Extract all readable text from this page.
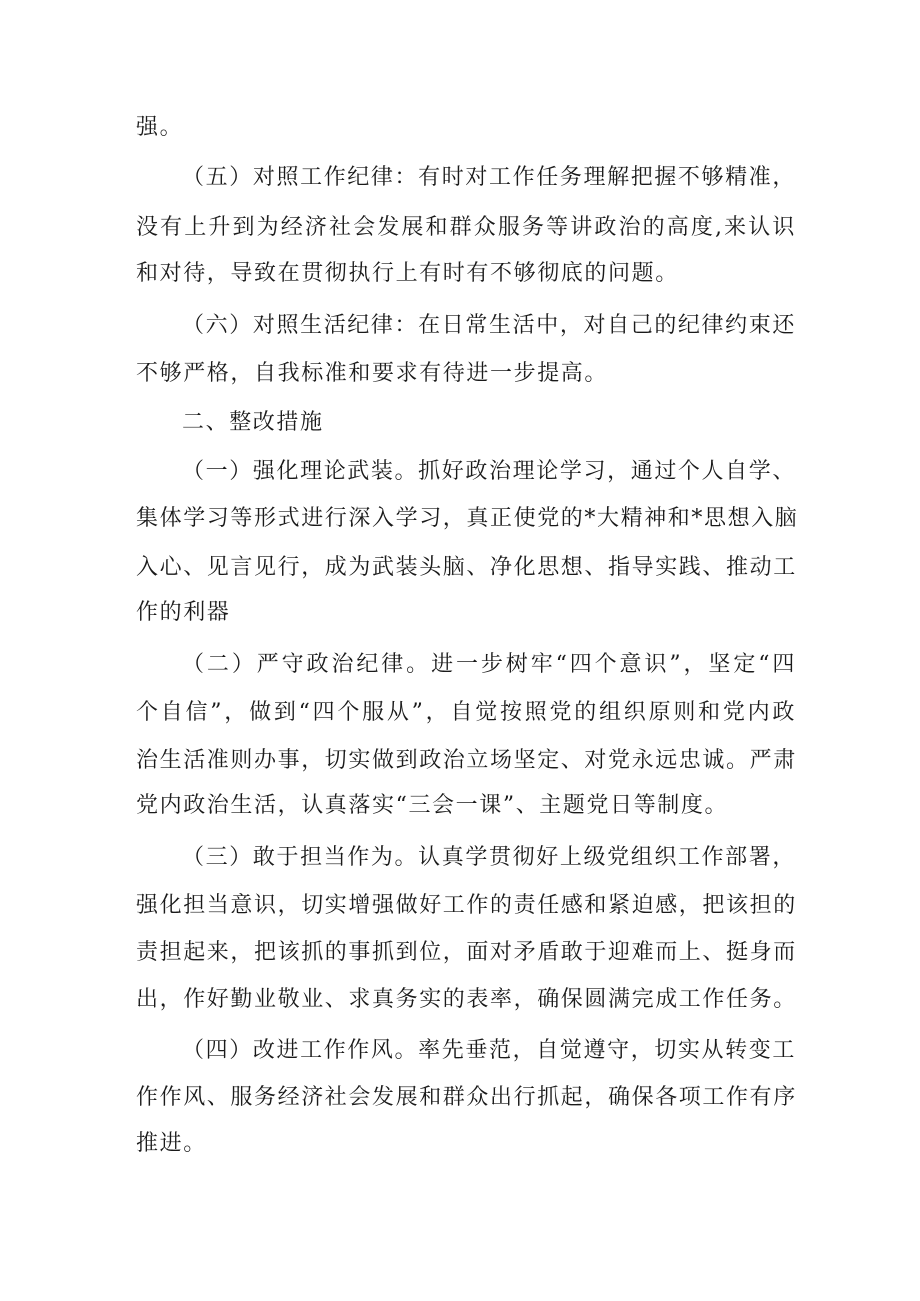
强。
（五）对照工作纪律：有时对工作任务理解把握不够精准，
没有上升到为经济社会发展和群众服务等讲政治的高度,来认识
和对待，导致在贯彻执行上有时有不够彻底的问题。
（六）对照生活纪律：在日常生活中，对自己的纪律约束还
不够严格，自我标准和要求有待进一步提高。
二、整改措施
（一）强化理论武装。抓好政治理论学习，通过个人自学、
集体学习等形式进行深入学习，真正使党的*大精神和*思想入脑
入心、见言见行，成为武装头脑、净化思想、指导实践、推动工
作的利器
（二）严守政治纪律。进一步树牢“四个意识”，坚定“四
个自信”，做到“四个服从”，自觉按照党的组织原则和党内政
治生活准则办事，切实做到政治立场坚定、对党永远忠诚。严肃
党内政治生活，认真落实“三会一课”、主题党日等制度。
（三）敢于担当作为。认真学贯彻好上级党组织工作部署，
强化担当意识，切实增强做好工作的责任感和紧迫感，把该担的
责担起来，把该抓的事抓到位，面对矛盾敢于迎难而上、挺身而
出，作好勤业敬业、求真务实的表率，确保圆满完成工作任务。
（四）改进工作作风。率先垂范，自觉遵守，切实从转变工
作作风、服务经济社会发展和群众出行抓起，确保各项工作有序
推进。
